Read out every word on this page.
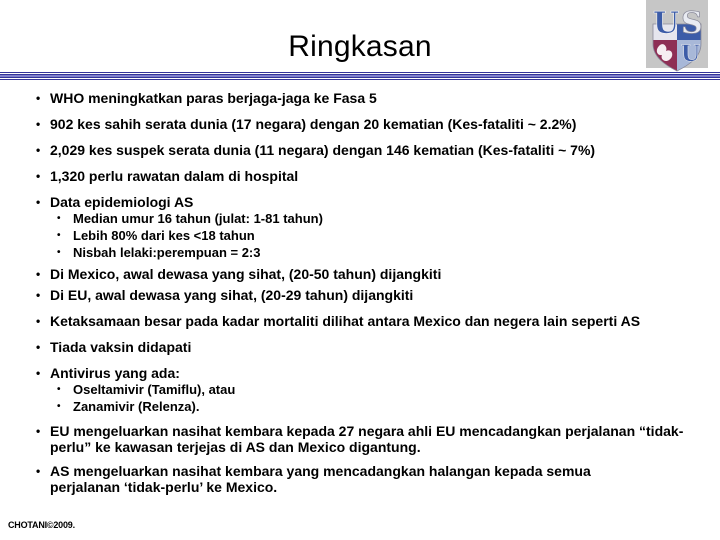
Ringkasan
U S
U
• WHO meningkatkan paras berjaga-jaga ke Fasa 5
• 902 kes sahih serata dunia (17 negara) dengan 20 kematian (Kes-fataliti ~ 2.2%)
• 2,029 kes suspek serata dunia (11 negara) dengan 146 kematian (Kes-fataliti ~ 7%)
• 1,320 perlu rawatan dalam di hospital
• Data epidemiologi AS
• Median umur 16 tahun (julat: 1-81 tahun)
• Lebih 80% dari kes <18 tahun
• Nisbah lelaki:perempuan = 2:3
• Di Mexico, awal dewasa yang sihat, (20-50 tahun) dijangkiti
• Di EU, awal dewasa yang sihat, (20-29 tahun) dijangkiti
• Ketaksamaan besar pada kadar mortaliti dilihat antara Mexico dan negera lain seperti AS
• Tiada vaksin didapati
• Antivirus yang ada:
• Oseltamivir (Tamiflu), atau
• Zanamivir (Relenza).
• EU mengeluarkan nasihat kembara kepada 27 negara ahli EU mencadangkan perjalanan “tidak-perlu” ke kawasan terjejas di AS dan Mexico digantung.
• AS mengeluarkan nasihat kembara yang mencadangkan halangan kepada semua perjalanan ‘tidak-perlu’ ke Mexico.
CHOTANI©2009.
